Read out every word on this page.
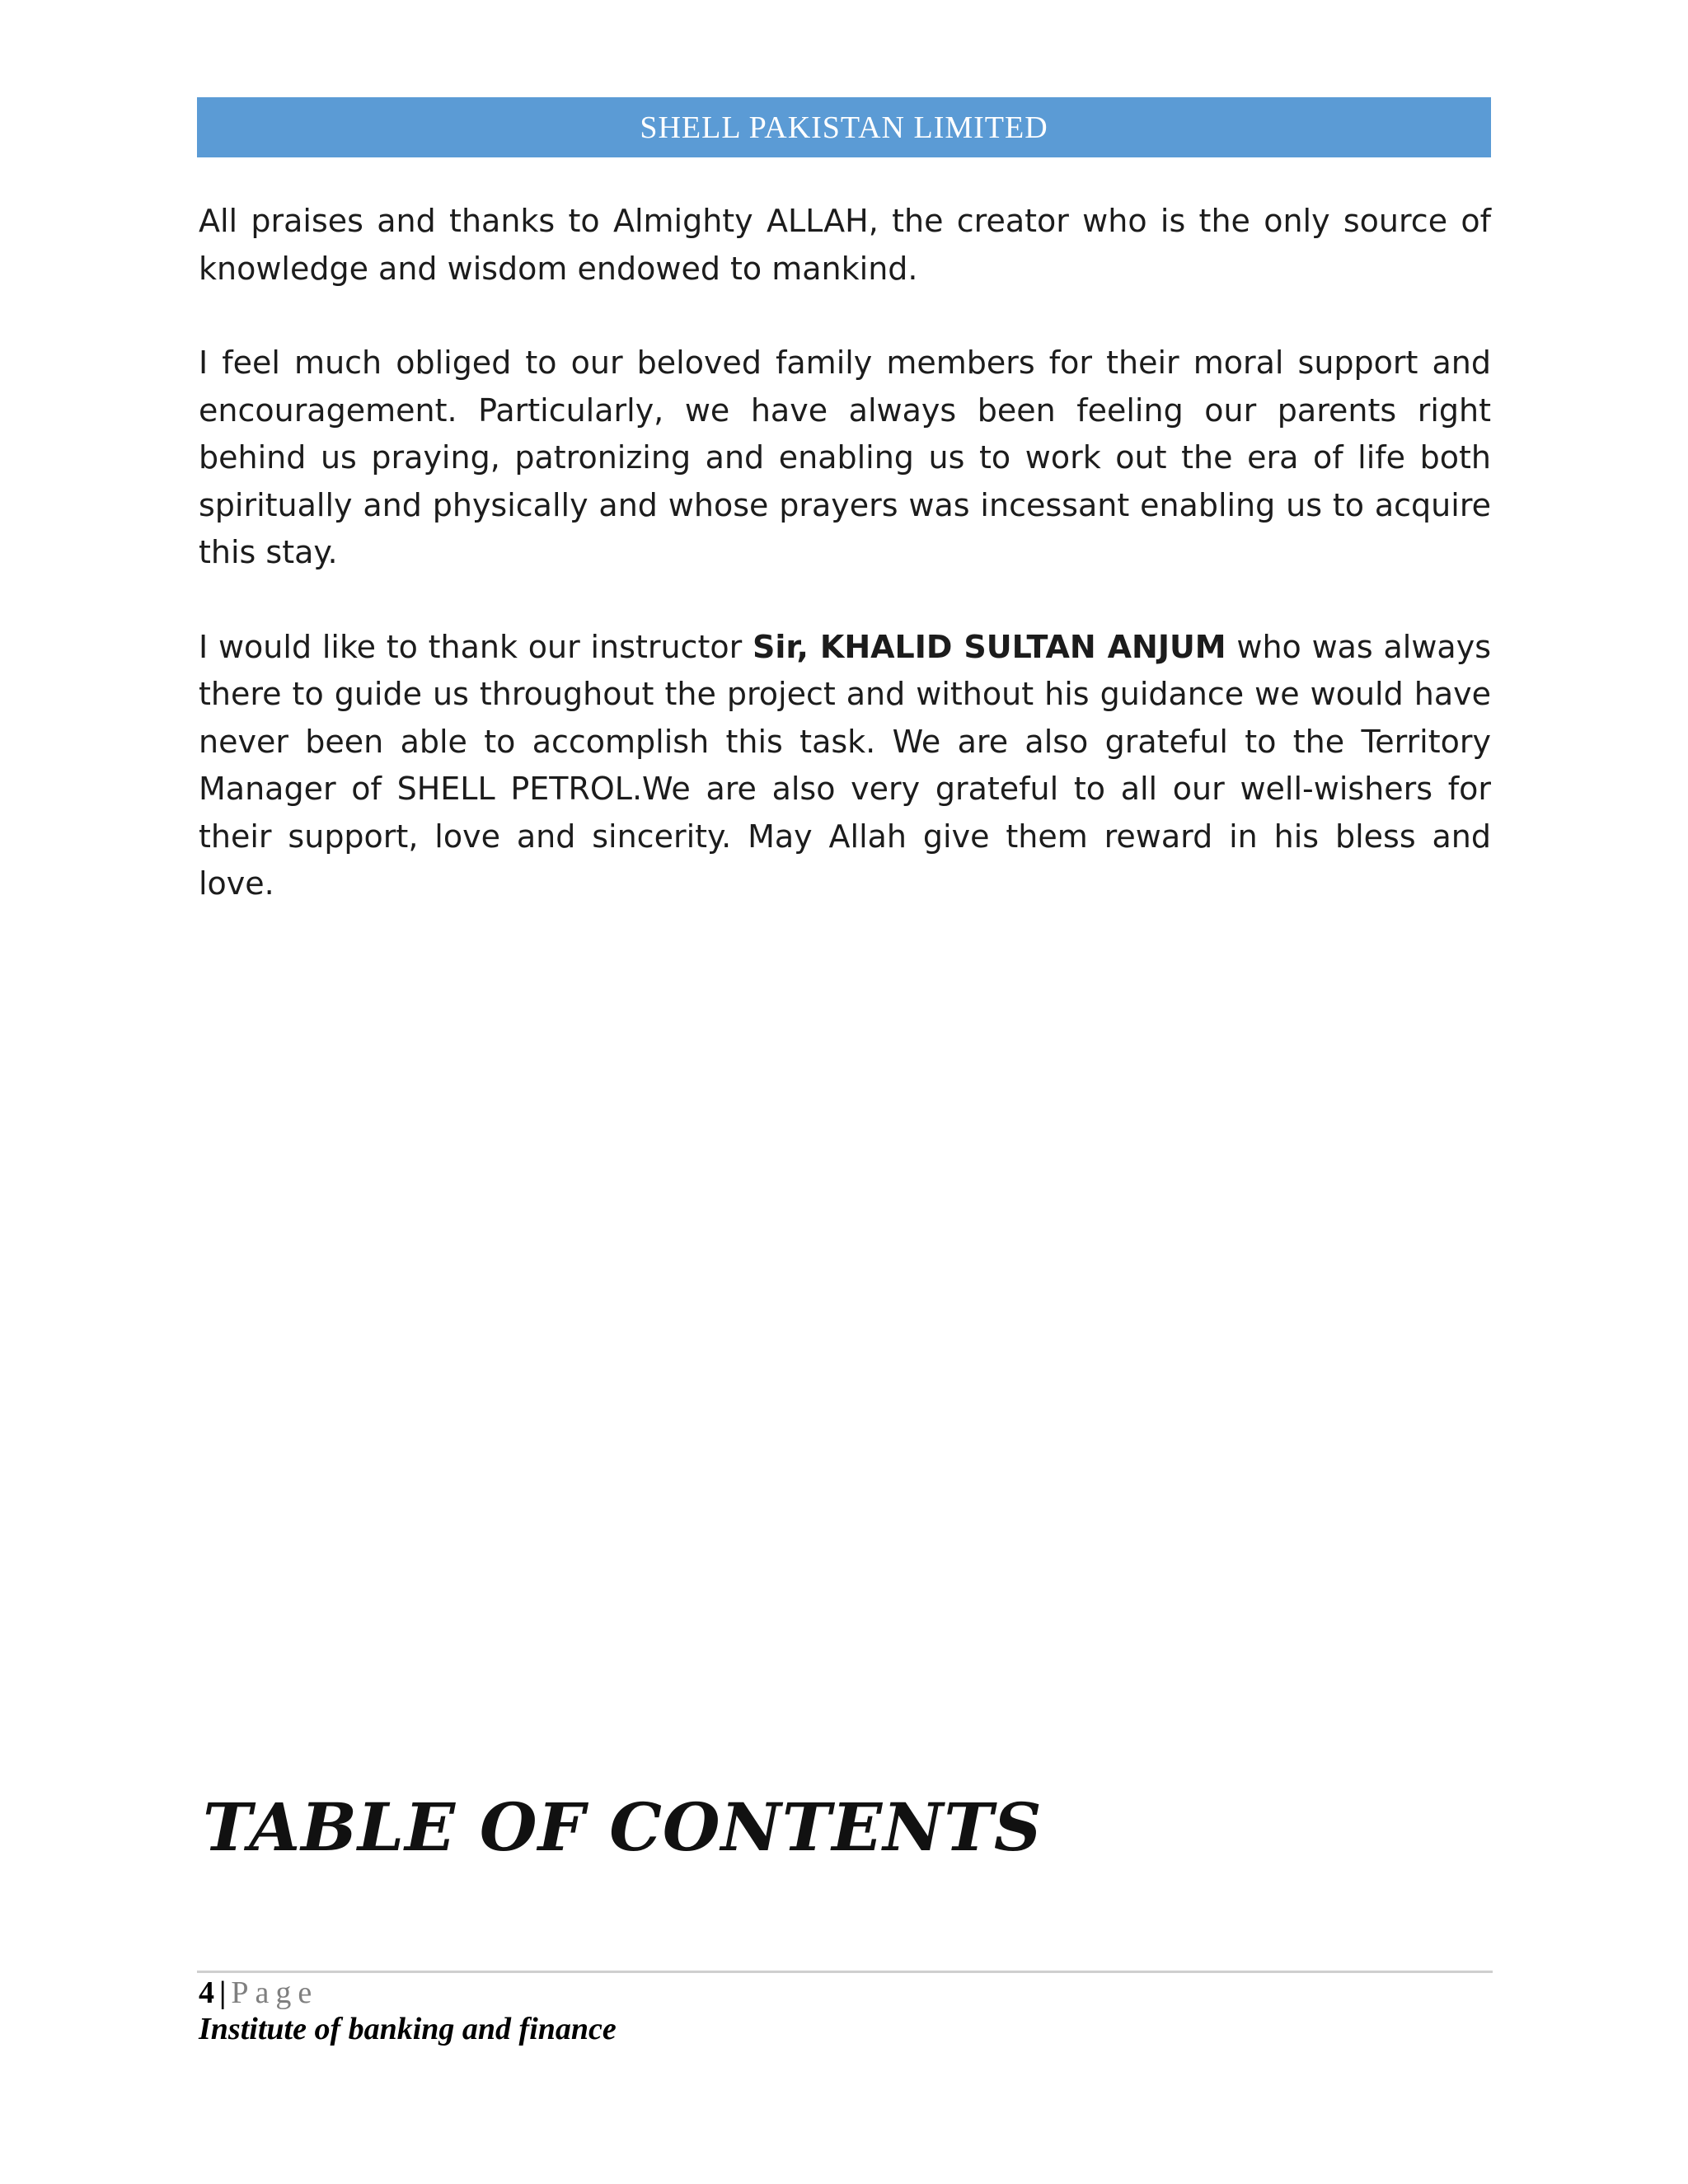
SHELL PAKISTAN LIMITED

All praises and thanks to Almighty ALLAH, the creator who is the only source of knowledge and wisdom endowed to mankind.

I feel much obliged to our beloved family members for their moral support and encouragement. Particularly, we have always been feeling our parents right behind us praying, patronizing and enabling us to work out the era of life both spiritually and physically and whose prayers was incessant enabling us to acquire this stay.

I would like to thank our instructor Sir, KHALID SULTAN ANJUM who was always there to guide us throughout the project and without his guidance we would have never been able to accomplish this task. We are also grateful to the Territory Manager of SHELL PETROL.We are also very grateful to all our well-wishers for their support, love and sincerity. May Allah give them reward in his bless and love.

TABLE OF CONTENTS
4 | Page
Institute of banking and finance
